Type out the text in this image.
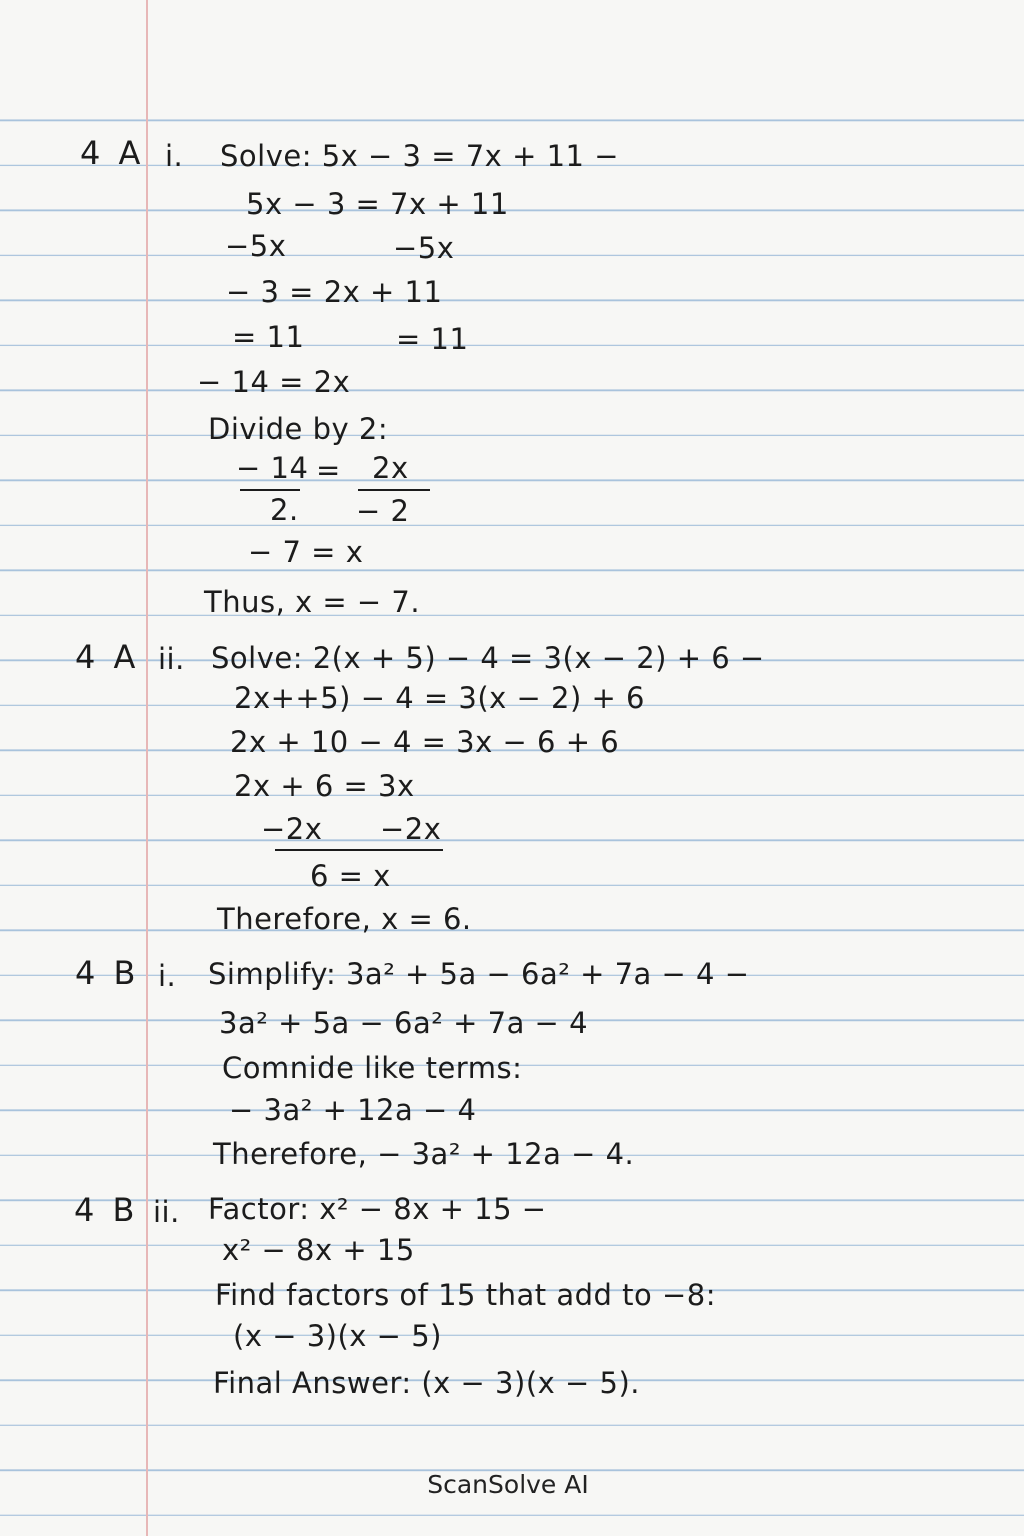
4 A i. Solve: 5x − 3 = 7x + 11 −
5x − 3 = 7x + 11
−5x	−5x
− 3 = 2x + 11
= 11	= 11
− 14 = 2x
Divide by 2:
− 14 = 2x
2. − 2
− 7 = x
Thus, x = − 7.
4 A ii. Solve: 2(x + 5) − 4 = 3(x − 2) + 6 −
2x++5) − 4 = 3(x − 2) + 6
2x + 10 − 4 = 3x − 6 + 6
2x + 6 = 3x
−2x −2x
6 = x
Therefore, x = 6.
4 B i. Simplify: 3a² + 5a − 6a² + 7a − 4 −
3a² + 5a − 6a² + 7a − 4
Comnide like terms:
− 3a² + 12a − 4
Therefore, − 3a² + 12a − 4.
4 B ii. Factor: x² − 8x + 15 −
x² − 8x + 15
Find factors of 15 that add to −8:
(x − 3)(x − 5)
Final Answer: (x − 3)(x − 5).
ScanSolve AI
